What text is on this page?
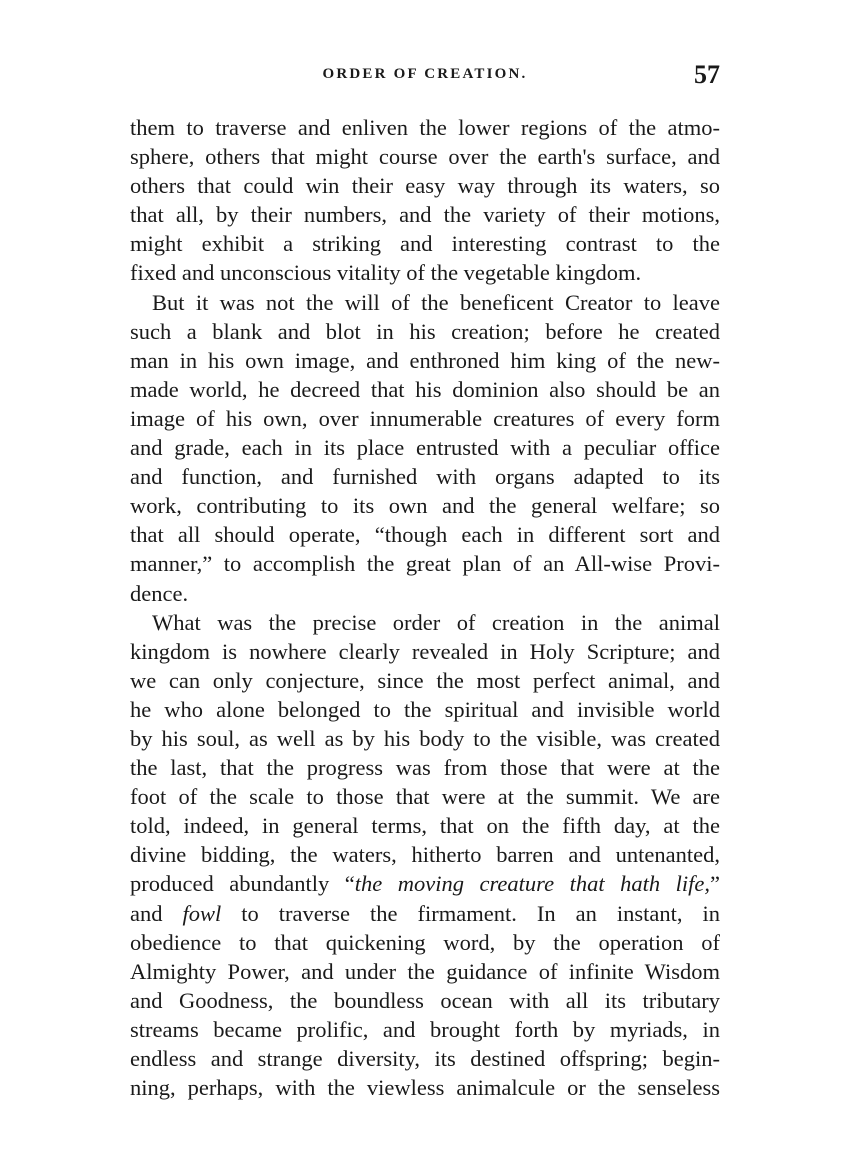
ORDER OF CREATION.	57
them to traverse and enliven the lower regions of the atmo-
sphere, others that might course over the earth's surface, and
others that could win their easy way through its waters, so
that all, by their numbers, and the variety of their motions,
might exhibit a striking and interesting contrast to the
fixed and unconscious vitality of the vegetable kingdom.
But it was not the will of the beneficent Creator to leave
such a blank and blot in his creation; before he created
man in his own image, and enthroned him king of the new-
made world, he decreed that his dominion also should be an
image of his own, over innumerable creatures of every form
and grade, each in its place entrusted with a peculiar office
and function, and furnished with organs adapted to its
work, contributing to its own and the general welfare; so
that all should operate, “though each in different sort and
manner,” to accomplish the great plan of an All-wise Provi-
dence.
What was the precise order of creation in the animal
kingdom is nowhere clearly revealed in Holy Scripture; and
we can only conjecture, since the most perfect animal, and
he who alone belonged to the spiritual and invisible world
by his soul, as well as by his body to the visible, was created
the last, that the progress was from those that were at the
foot of the scale to those that were at the summit. We are
told, indeed, in general terms, that on the fifth day, at the
divine bidding, the waters, hitherto barren and untenanted,
produced abundantly “the moving creature that hath life,”
and fowl to traverse the firmament. In an instant, in
obedience to that quickening word, by the operation of
Almighty Power, and under the guidance of infinite Wisdom
and Goodness, the boundless ocean with all its tributary
streams became prolific, and brought forth by myriads, in
endless and strange diversity, its destined offspring; begin-
ning, perhaps, with the viewless animalcule or the senseless
